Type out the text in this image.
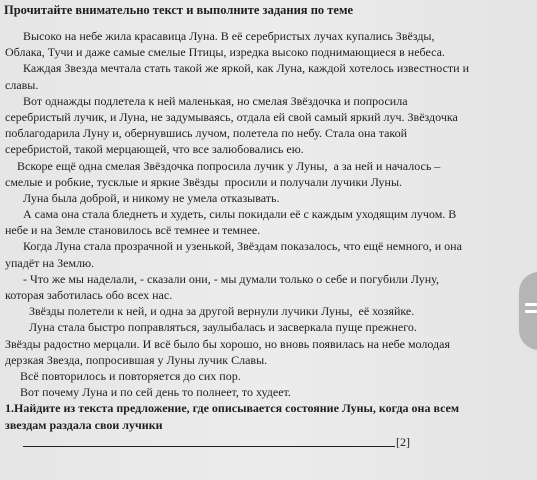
Прочитайте внимательно текст и выполните задания по теме
Высоко на небе жила красавица Луна. В её серебристых лучах купались Звёзды,
Облака, Тучи и даже самые смелые Птицы, изредка высоко поднимающиеся в небеса.
Каждая Звезда мечтала стать такой же яркой, как Луна, каждой хотелось известности и
славы.
Вот однажды подлетела к ней маленькая, но смелая Звёздочка и попросила
серебристый лучик, и Луна, не задумываясь, отдала ей свой самый яркий луч. Звёздочка
поблагодарила Луну и, обернувшись лучом, полетела по небу. Стала она такой
серебристой, такой мерцающей, что все залюбовались ею.
Вскоре ещё одна смелая Звёздочка попросила лучик у Луны,  а за ней и началось –
смелые и робкие, тусклые и яркие Звёзды  просили и получали лучики Луны.
Луна была доброй, и никому не умела отказывать.
А сама она стала бледнеть и худеть, силы покидали её с каждым уходящим лучом. В
небе и на Земле становилось всё темнее и темнее.
Когда Луна стала прозрачной и узенькой, Звёздам показалось, что ещё немного, и она
упадёт на Землю.
- Что же мы наделали, - сказали они, - мы думали только о себе и погубили Луну,
которая заботилась обо всех нас.
Звёзды полетели к ней, и одна за другой вернули лучики Луны,  её хозяйке.
Луна стала быстро поправляться, заулыбалась и засверкала пуще прежнего.
Звёзды радостно мерцали. И всё было бы хорошо, но вновь появилась на небе молодая
дерзкая Звезда, попросившая у Луны лучик Славы.
Всё повторилось и повторяется до сих пор.
Вот почему Луна и по сей день то полнеет, то худеет.
1.Найдите из текста предложение, где описывается состояние Луны, когда она всем
звездам раздала свои лучики
[2]
